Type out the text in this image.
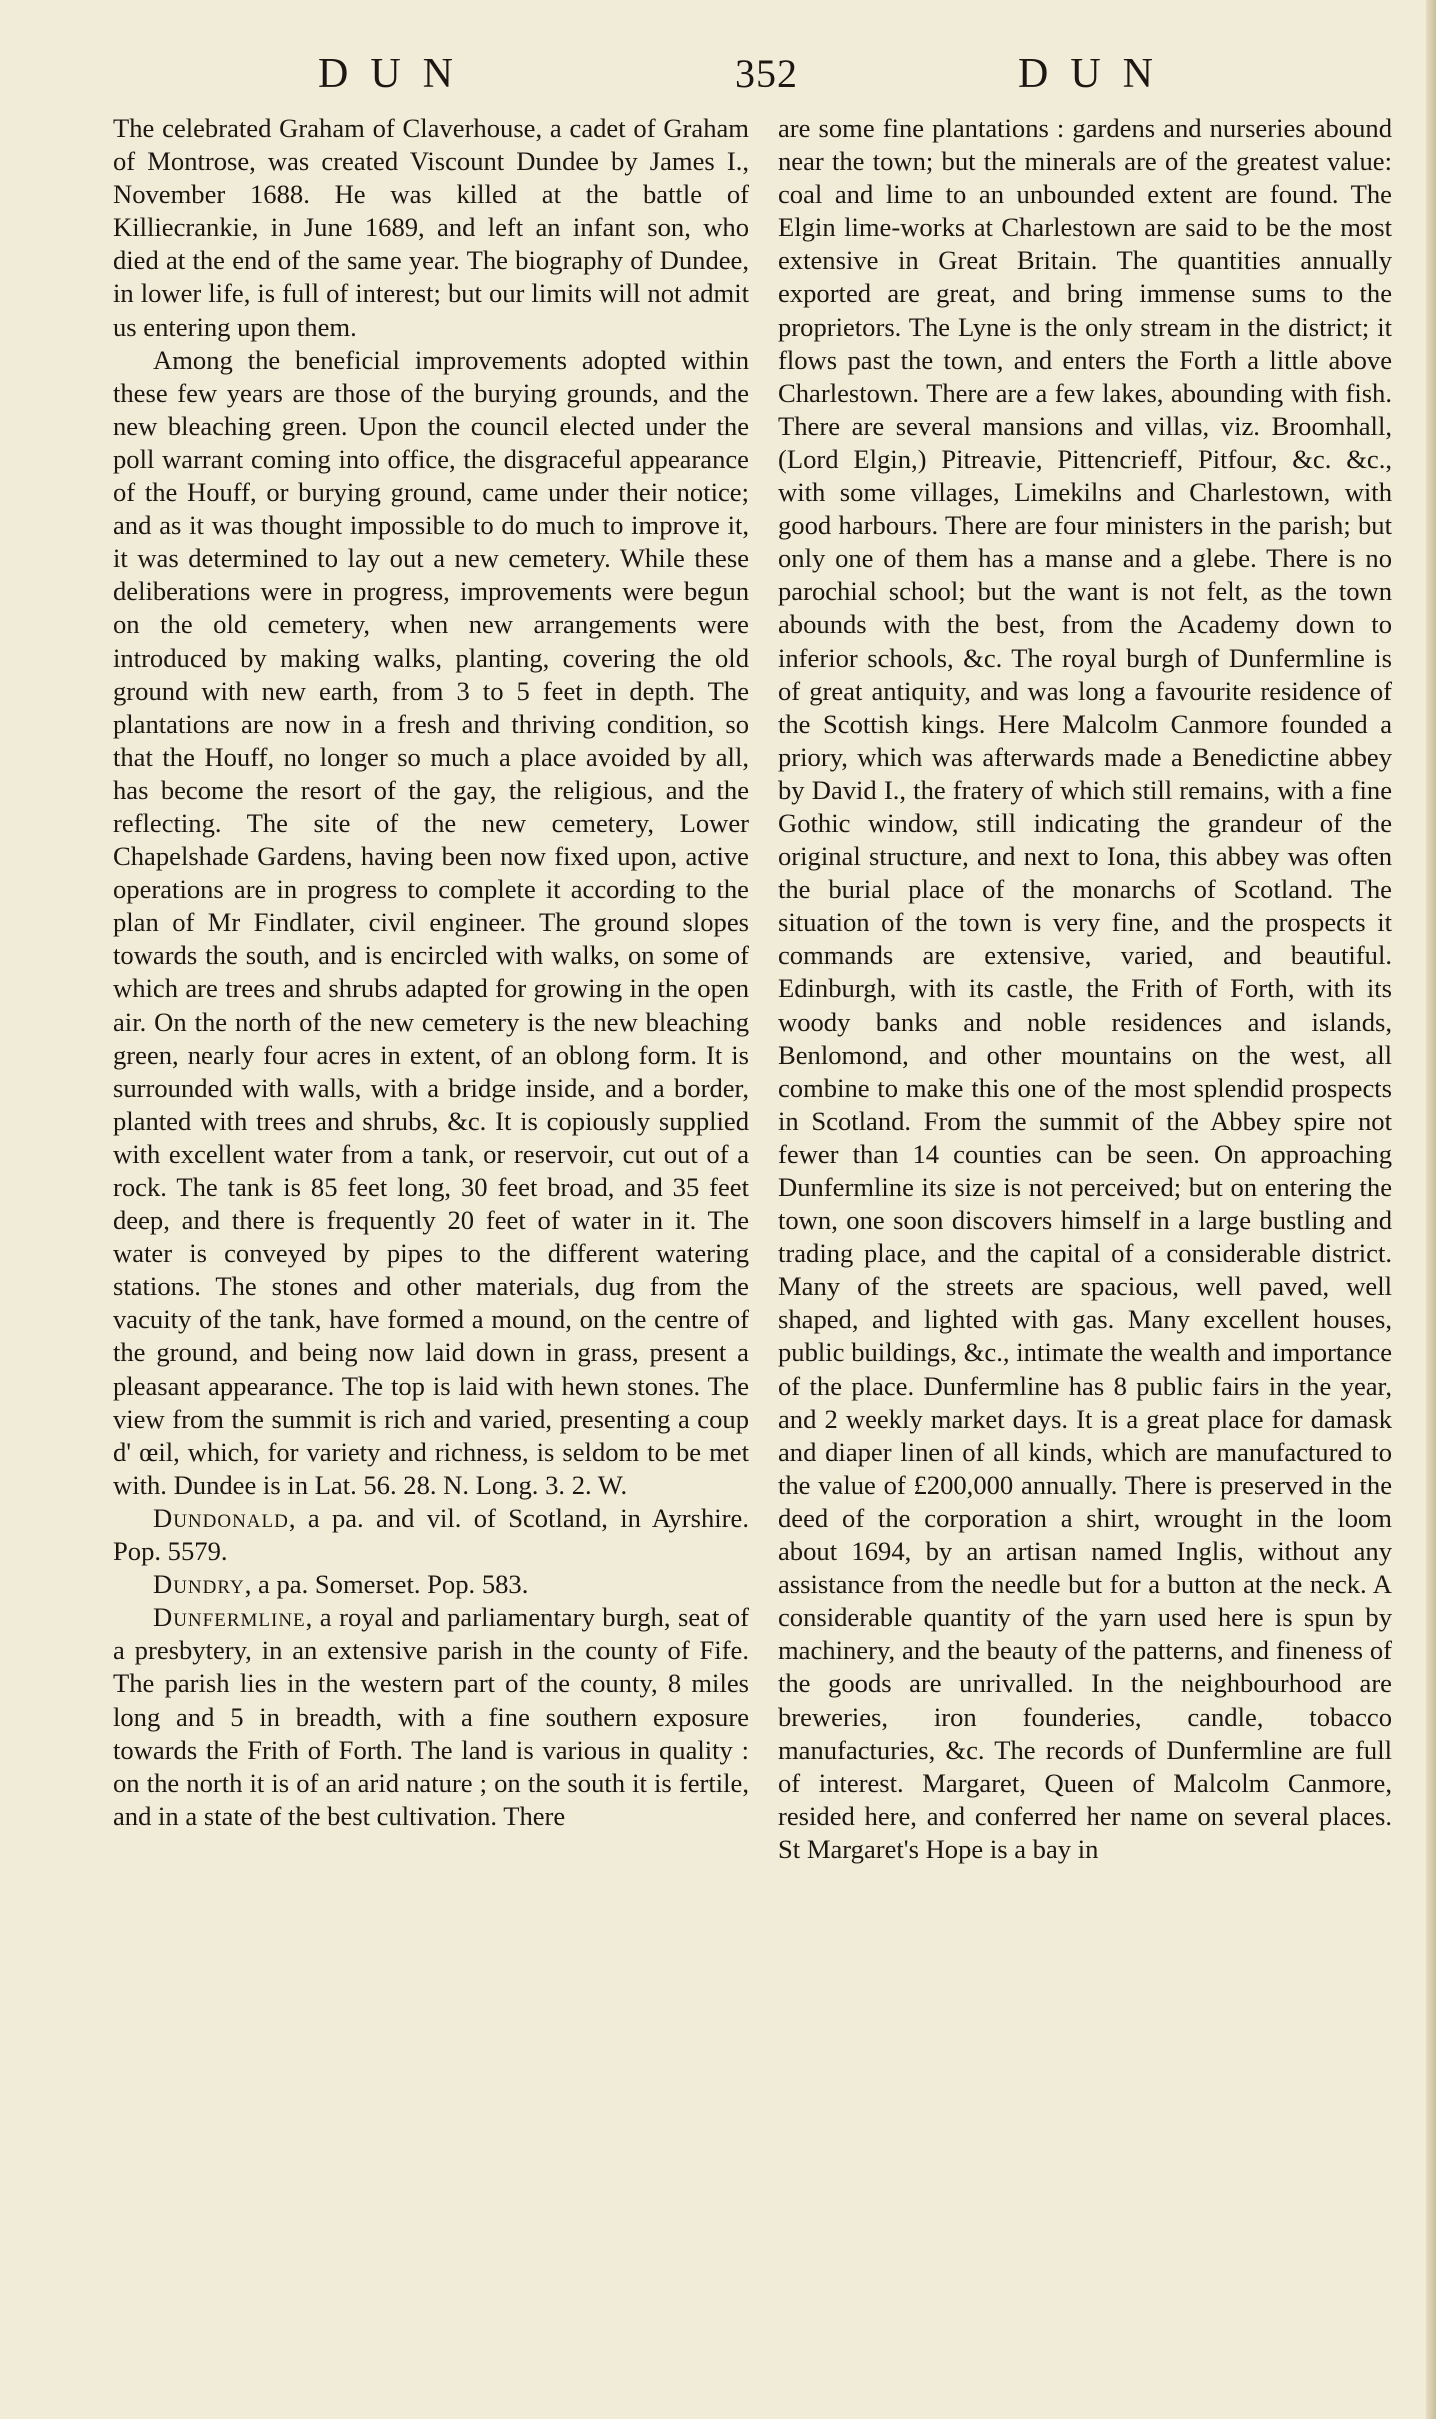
DUN	352	DUN

The celebrated Graham of Claverhouse, a cadet of Graham of Montrose, was created Viscount Dundee by James I., November 1688. He was killed at the battle of Killiecrankie, in June 1689, and left an infant son, who died at the end of the same year. The biography of Dundee, in lower life, is full of interest; but our limits will not admit us entering upon them.

Among the beneficial improvements adopted within these few years are those of the burying grounds, and the new bleaching green. Upon the council elected under the poll warrant coming into office, the disgraceful appearance of the Houff, or burying ground, came under their notice; and as it was thought impossible to do much to improve it, it was determined to lay out a new cemetery. While these deliberations were in progress, improvements were begun on the old cemetery, when new arrangements were introduced by making walks, planting, covering the old ground with new earth, from 3 to 5 feet in depth. The plantations are now in a fresh and thriving condition, so that the Houff, no longer so much a place avoided by all, has become the resort of the gay, the religious, and the reflecting. The site of the new cemetery, Lower Chapelshade Gardens, having been now fixed upon, active operations are in progress to complete it according to the plan of Mr Findlater, civil engineer. The ground slopes towards the south, and is encircled with walks, on some of which are trees and shrubs adapted for growing in the open air. On the north of the new cemetery is the new bleaching green, nearly four acres in extent, of an oblong form. It is surrounded with walls, with a bridge inside, and a border, planted with trees and shrubs, &c. It is copiously supplied with excellent water from a tank, or reservoir, cut out of a rock. The tank is 85 feet long, 30 feet broad, and 35 feet deep, and there is frequently 20 feet of water in it. The water is conveyed by pipes to the different watering stations. The stones and other materials, dug from the vacuity of the tank, have formed a mound, on the centre of the ground, and being now laid down in grass, present a pleasant appearance. The top is laid with hewn stones. The view from the summit is rich and varied, presenting a coup d' œil, which, for variety and richness, is seldom to be met with. Dundee is in Lat. 56. 28. N. Long. 3. 2. W.

Dundonald, a pa. and vil. of Scotland, in Ayrshire. Pop. 5579.

Dundry, a pa. Somerset. Pop. 583.

Dunfermline, a royal and parliamentary burgh, seat of a presbytery, in an extensive parish in the county of Fife. The parish lies in the western part of the county, 8 miles long and 5 in breadth, with a fine southern exposure towards the Frith of Forth. The land is various in quality : on the north it is of an arid nature ; on the south it is fertile, and in a state of the best cultivation. There

are some fine plantations : gardens and nurseries abound near the town; but the minerals are of the greatest value: coal and lime to an unbounded extent are found. The Elgin lime-works at Charlestown are said to be the most extensive in Great Britain. The quantities annually exported are great, and bring immense sums to the proprietors. The Lyne is the only stream in the district; it flows past the town, and enters the Forth a little above Charlestown. There are a few lakes, abounding with fish. There are several mansions and villas, viz. Broomhall, (Lord Elgin,) Pitreavie, Pittencrieff, Pitfour, &c. &c., with some villages, Limekilns and Charlestown, with good harbours. There are four ministers in the parish; but only one of them has a manse and a glebe. There is no parochial school; but the want is not felt, as the town abounds with the best, from the Academy down to inferior schools, &c. The royal burgh of Dunfermline is of great antiquity, and was long a favourite residence of the Scottish kings. Here Malcolm Canmore founded a priory, which was afterwards made a Benedictine abbey by David I., the fratery of which still remains, with a fine Gothic window, still indicating the grandeur of the original structure, and next to Iona, this abbey was often the burial place of the monarchs of Scotland. The situation of the town is very fine, and the prospects it commands are extensive, varied, and beautiful. Edinburgh, with its castle, the Frith of Forth, with its woody banks and noble residences and islands, Benlomond, and other mountains on the west, all combine to make this one of the most splendid prospects in Scotland. From the summit of the Abbey spire not fewer than 14 counties can be seen. On approaching Dunfermline its size is not perceived; but on entering the town, one soon discovers himself in a large bustling and trading place, and the capital of a considerable district. Many of the streets are spacious, well paved, well shaped, and lighted with gas. Many excellent houses, public buildings, &c., intimate the wealth and importance of the place. Dunfermline has 8 public fairs in the year, and 2 weekly market days. It is a great place for damask and diaper linen of all kinds, which are manufactured to the value of £200,000 annually. There is preserved in the deed of the corporation a shirt, wrought in the loom about 1694, by an artisan named Inglis, without any assistance from the needle but for a button at the neck. A considerable quantity of the yarn used here is spun by machinery, and the beauty of the patterns, and fineness of the goods are unrivalled. In the neighbourhood are breweries, iron founderies, candle, tobacco manufacturies, &c. The records of Dunfermline are full of interest. Margaret, Queen of Malcolm Canmore, resided here, and conferred her name on several places. St Margaret's Hope is a bay in
